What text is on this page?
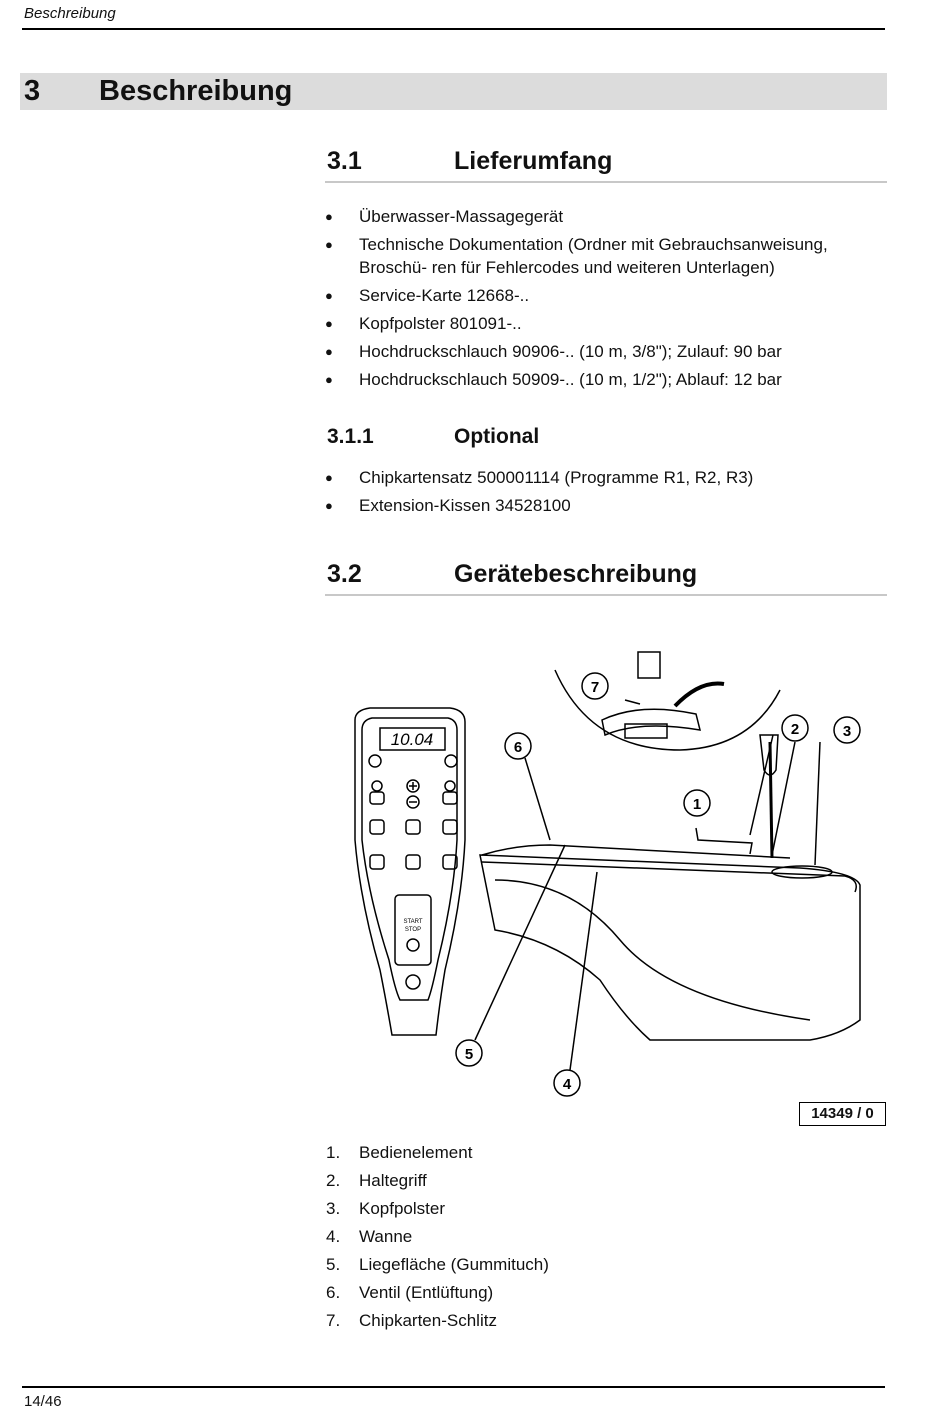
Beschreibung
3 Beschreibung
3.1	Lieferumfang
● Überwasser-Massagegerät
● Technische Dokumentation (Ordner mit Gebrauchsanweisung, Broschü- ren für Fehlercodes und weiteren Unterlagen)
● Service-Karte 12668-..
● Kopfpolster 801091-..
● Hochdruckschlauch 90906-.. (10 m, 3/8"); Zulauf: 90 bar
● Hochdruckschlauch 50909-.. (10 m, 1/2"); Ablauf: 12 bar
3.1.1	Optional
● Chipkartensatz 500001114 (Programme R1, R2, R3)
● Extension-Kissen 34528100
3.2	Gerätebeschreibung
10.04
START
STOP
6
1
2	3
5
4
7
14349 / 0
1. Bedienelement
2. Haltegriff
3. Kopfpolster
4. Wanne
5. Liegefläche (Gummituch)
6. Ventil (Entlüftung)
7. Chipkarten-Schlitz
14/46
